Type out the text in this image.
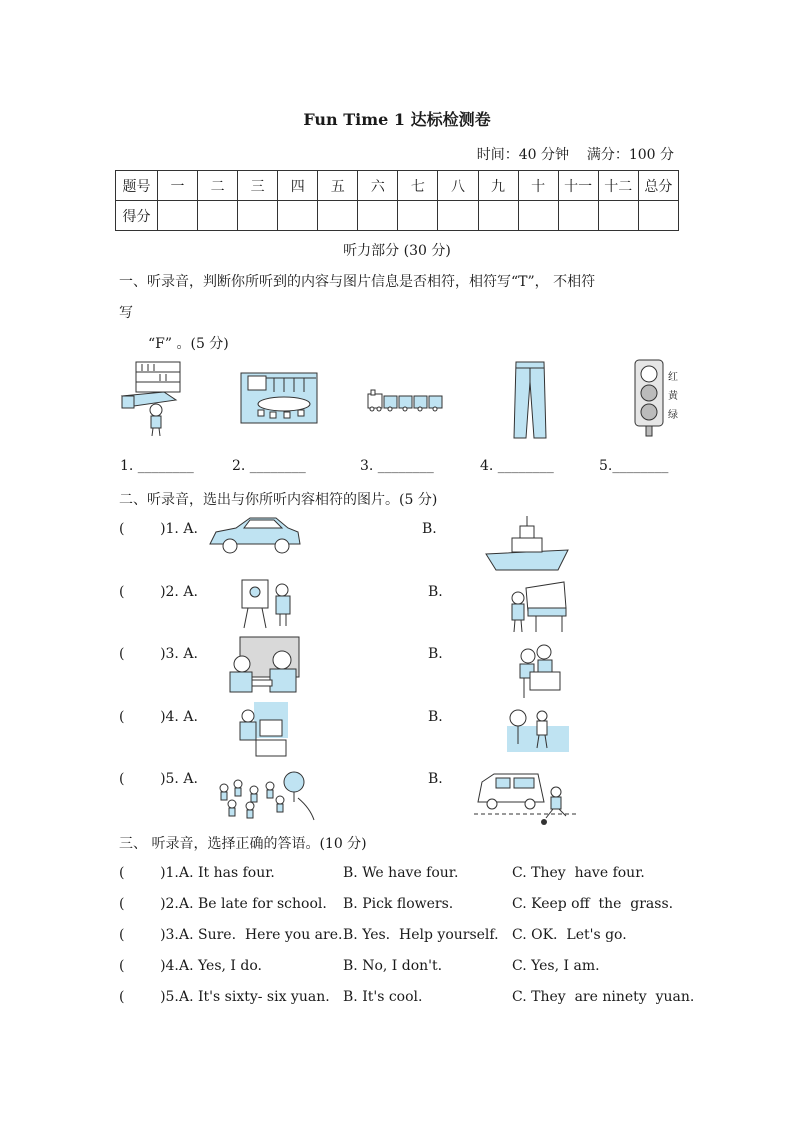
Fun Time 1 达标检测卷
时间：40 分钟    满分：100 分
题号	一	二	三	四	五	六	七	八	九	十	十一	十二	总分
得分													
听力部分 (30 分)
一、听录音，判断你所听到的内容与图片信息是否相符，相符写“T”， 不相符
写
“F” 。(5 分)
红
黄
绿
1. ________	2. ________	3. ________	4. ________	5.________
二、听录音，选出与你所听内容相符的图片。(5 分)
(        )1. A.	B.
(        )2. A.	B.
(        )3. A.	B.
(        )4. A.	B.
(        )5. A.	B.
三、 听录音，选择正确的答语。(10 分)
(        )1. A. It has four.	B. We have four.	C. They  have four.
(        )2. A. Be late for school. B. Pick flowers.	C. Keep off  the  grass.
(        )3. A. Sure.  Here you are. B. Yes.  Help yourself. C. OK.  Let's go.
(        )4. A. Yes, I do.	B. No, I don't.	C. Yes, I am.
(        )5. A. It's sixty- six yuan. B. It's cool.	C. They  are ninety  yuan.
